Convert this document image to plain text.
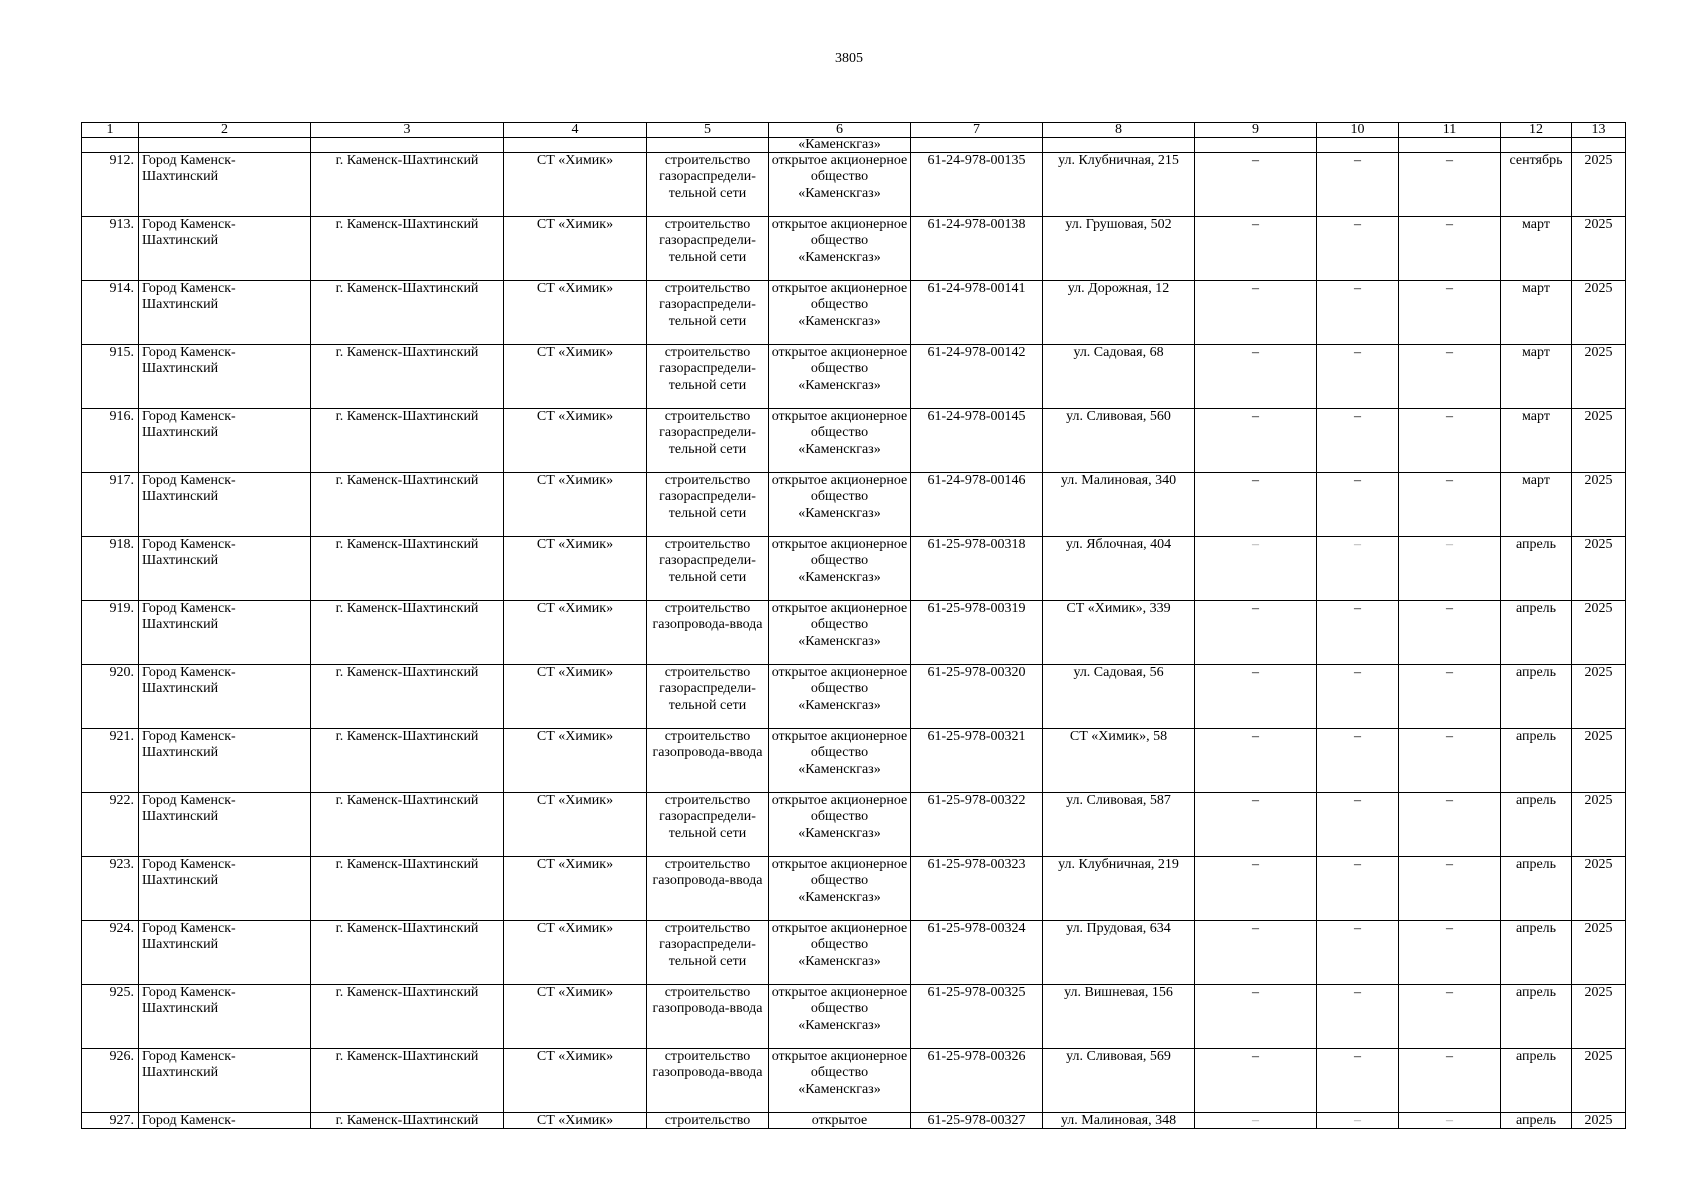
3805
1	2	3	4	5	6	7	8	9	10	11	12	13
					«Каменскгаз»							
912.	Город Каменск-Шахтинский	г. Каменск-Шахтинский	СТ «Химик»	строительство газораспредели-тельной сети	открытое акционерное общество «Каменскгаз»	61-24-978-00135	ул. Клубничная, 215	–	–	–	сентябрь	2025
913.	Город Каменск-Шахтинский	г. Каменск-Шахтинский	СТ «Химик»	строительство газораспредели-тельной сети	открытое акционерное общество «Каменскгаз»	61-24-978-00138	ул. Грушовая, 502	–	–	–	март	2025
914.	Город Каменск-Шахтинский	г. Каменск-Шахтинский	СТ «Химик»	строительство газораспредели-тельной сети	открытое акционерное общество «Каменскгаз»	61-24-978-00141	ул. Дорожная, 12	–	–	–	март	2025
915.	Город Каменск-Шахтинский	г. Каменск-Шахтинский	СТ «Химик»	строительство газораспредели-тельной сети	открытое акционерное общество «Каменскгаз»	61-24-978-00142	ул. Садовая, 68	–	–	–	март	2025
916.	Город Каменск-Шахтинский	г. Каменск-Шахтинский	СТ «Химик»	строительство газораспредели-тельной сети	открытое акционерное общество «Каменскгаз»	61-24-978-00145	ул. Сливовая, 560	–	–	–	март	2025
917.	Город Каменск-Шахтинский	г. Каменск-Шахтинский	СТ «Химик»	строительство газораспредели-тельной сети	открытое акционерное общество «Каменскгаз»	61-24-978-00146	ул. Малиновая, 340	–	–	–	март	2025
918.	Город Каменск-Шахтинский	г. Каменск-Шахтинский	СТ «Химик»	строительство газораспредели-тельной сети	открытое акционерное общество «Каменскгаз»	61-25-978-00318	ул. Яблочная, 404	–	–	–	апрель	2025
919.	Город Каменск-Шахтинский	г. Каменск-Шахтинский	СТ «Химик»	строительство газопровода-ввода	открытое акционерное общество «Каменскгаз»	61-25-978-00319	СТ «Химик», 339	–	–	–	апрель	2025
920.	Город Каменск-Шахтинский	г. Каменск-Шахтинский	СТ «Химик»	строительство газораспредели-тельной сети	открытое акционерное общество «Каменскгаз»	61-25-978-00320	ул. Садовая, 56	–	–	–	апрель	2025
921.	Город Каменск-Шахтинский	г. Каменск-Шахтинский	СТ «Химик»	строительство газопровода-ввода	открытое акционерное общество «Каменскгаз»	61-25-978-00321	СТ «Химик», 58	–	–	–	апрель	2025
922.	Город Каменск-Шахтинский	г. Каменск-Шахтинский	СТ «Химик»	строительство газораспредели-тельной сети	открытое акционерное общество «Каменскгаз»	61-25-978-00322	ул. Сливовая, 587	–	–	–	апрель	2025
923.	Город Каменск-Шахтинский	г. Каменск-Шахтинский	СТ «Химик»	строительство газопровода-ввода	открытое акционерное общество «Каменскгаз»	61-25-978-00323	ул. Клубничная, 219	–	–	–	апрель	2025
924.	Город Каменск-Шахтинский	г. Каменск-Шахтинский	СТ «Химик»	строительство газораспредели-тельной сети	открытое акционерное общество «Каменскгаз»	61-25-978-00324	ул. Прудовая, 634	–	–	–	апрель	2025
925.	Город Каменск-Шахтинский	г. Каменск-Шахтинский	СТ «Химик»	строительство газопровода-ввода	открытое акционерное общество «Каменскгаз»	61-25-978-00325	ул. Вишневая, 156	–	–	–	апрель	2025
926.	Город Каменск-Шахтинский	г. Каменск-Шахтинский	СТ «Химик»	строительство газопровода-ввода	открытое акционерное общество «Каменскгаз»	61-25-978-00326	ул. Сливовая, 569	–	–	–	апрель	2025
927.	Город Каменск-	г. Каменск-Шахтинский	СТ «Химик»	строительство	открытое	61-25-978-00327	ул. Малиновая, 348	–	–	–	апрель	2025
